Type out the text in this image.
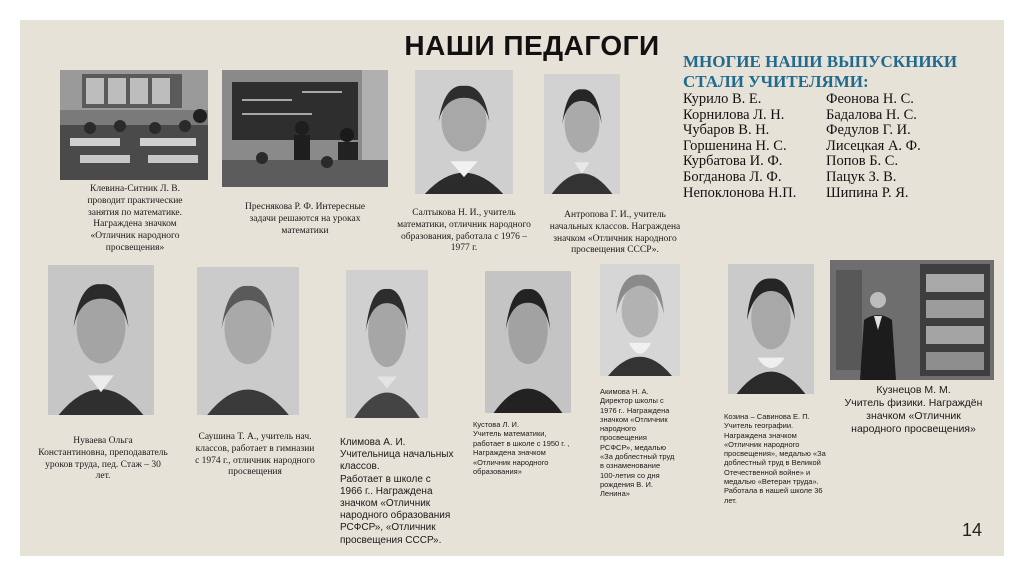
НАШИ ПЕДАГОГИ
МНОГИЕ НАШИ ВЫПУСКНИКИ СТАЛИ УЧИТЕЛЯМИ:
Курило В. Е.
Корнилова Л. Н.
Чубаров В. Н.
Горшенина Н. С.
Курбатова И. Ф.
Богданова Л. Ф.
Непоклонова Н.П.
Феонова Н. С.
Бадалова Н. С.
Федулов Г. И.
Лисецкая А. Ф.
Попов Б. С.
Пацук З. В.
Шипина Р. Я.
Клевина-Ситник Л. В.
проводит практические
занятия по математике.
Награждена значком
«Отличник народного
просвещения»
Преснякова Р. Ф. Интересные
задачи решаются на уроках
математики
Салтыкова Н. И., учитель
математики, отличник народного
образования, работала с 1976 –
1977 г.
Антропова Г. И., учитель
начальных классов. Награждена
значком «Отличник народного
просвещения СССР».
Нуваева Ольга
Константиновна, преподаватель
уроков труда, пед. Стаж – 30
лет.
Саушина Т. А., учитель нач.
классов, работает в гимназии
с 1974 г., отличник народного
просвещения
Климова А. И.
Учительница начальных
классов.
Работает в школе с
1966 г.. Награждена
значком «Отличник
народного образования
РСФСР», «Отличник
просвещения СССР».
Кустова Л. И.
Учитель математики,
работает в школе с 1950 г. ,
Награждена значком
«Отличник народного
образования»
Акимова Н. А.
Директор школы с
1976 г.. Награждена
значком «Отличник
народного
просвещения
РСФСР», медалью
«За доблестный труд
в ознаменование
100-летия со дня
рождения В. И.
Ленина»
Козина – Савинова Е. П.
Учитель географии.
Награждена значком
«Отличник народного
просвещения», медалью «За
доблестный труд в Великой
Отечественной войне» и
медалью «Ветеран труда».
Работала в нашей школе 36
лет.
Кузнецов М. М.
Учитель физики. Награждён
значком «Отличник
народного просвещения»
14
